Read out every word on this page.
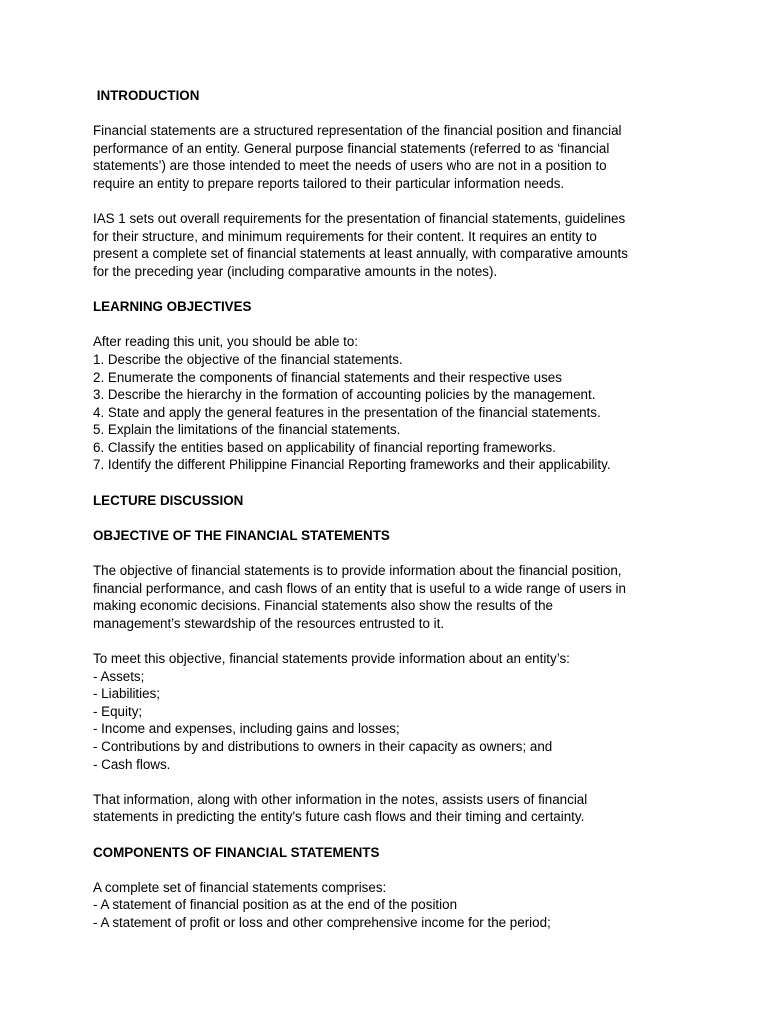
INTRODUCTION

Financial statements are a structured representation of the financial position and financial
performance of an entity. General purpose financial statements (referred to as ‘financial
statements’) are those intended to meet the needs of users who are not in a position to
require an entity to prepare reports tailored to their particular information needs.

IAS 1 sets out overall requirements for the presentation of financial statements, guidelines
for their structure, and minimum requirements for their content. It requires an entity to
present a complete set of financial statements at least annually, with comparative amounts
for the preceding year (including comparative amounts in the notes).

LEARNING OBJECTIVES

After reading this unit, you should be able to:
1. Describe the objective of the financial statements.
2. Enumerate the components of financial statements and their respective uses
3. Describe the hierarchy in the formation of accounting policies by the management.
4. State and apply the general features in the presentation of the financial statements.
5. Explain the limitations of the financial statements.
6. Classify the entities based on applicability of financial reporting frameworks.
7. Identify the different Philippine Financial Reporting frameworks and their applicability.

LECTURE DISCUSSION
OBJECTIVE OF THE FINANCIAL STATEMENTS

The objective of financial statements is to provide information about the financial position,
financial performance, and cash flows of an entity that is useful to a wide range of users in
making economic decisions. Financial statements also show the results of the
management’s stewardship of the resources entrusted to it.

To meet this objective, financial statements provide information about an entity’s:
- Assets;
- Liabilities;
- Equity;
- Income and expenses, including gains and losses;
- Contributions by and distributions to owners in their capacity as owners; and
- Cash flows.

That information, along with other information in the notes, assists users of financial
statements in predicting the entity's future cash flows and their timing and certainty.

COMPONENTS OF FINANCIAL STATEMENTS

A complete set of financial statements comprises:
- A statement of financial position as at the end of the position
- A statement of profit or loss and other comprehensive income for the period;
